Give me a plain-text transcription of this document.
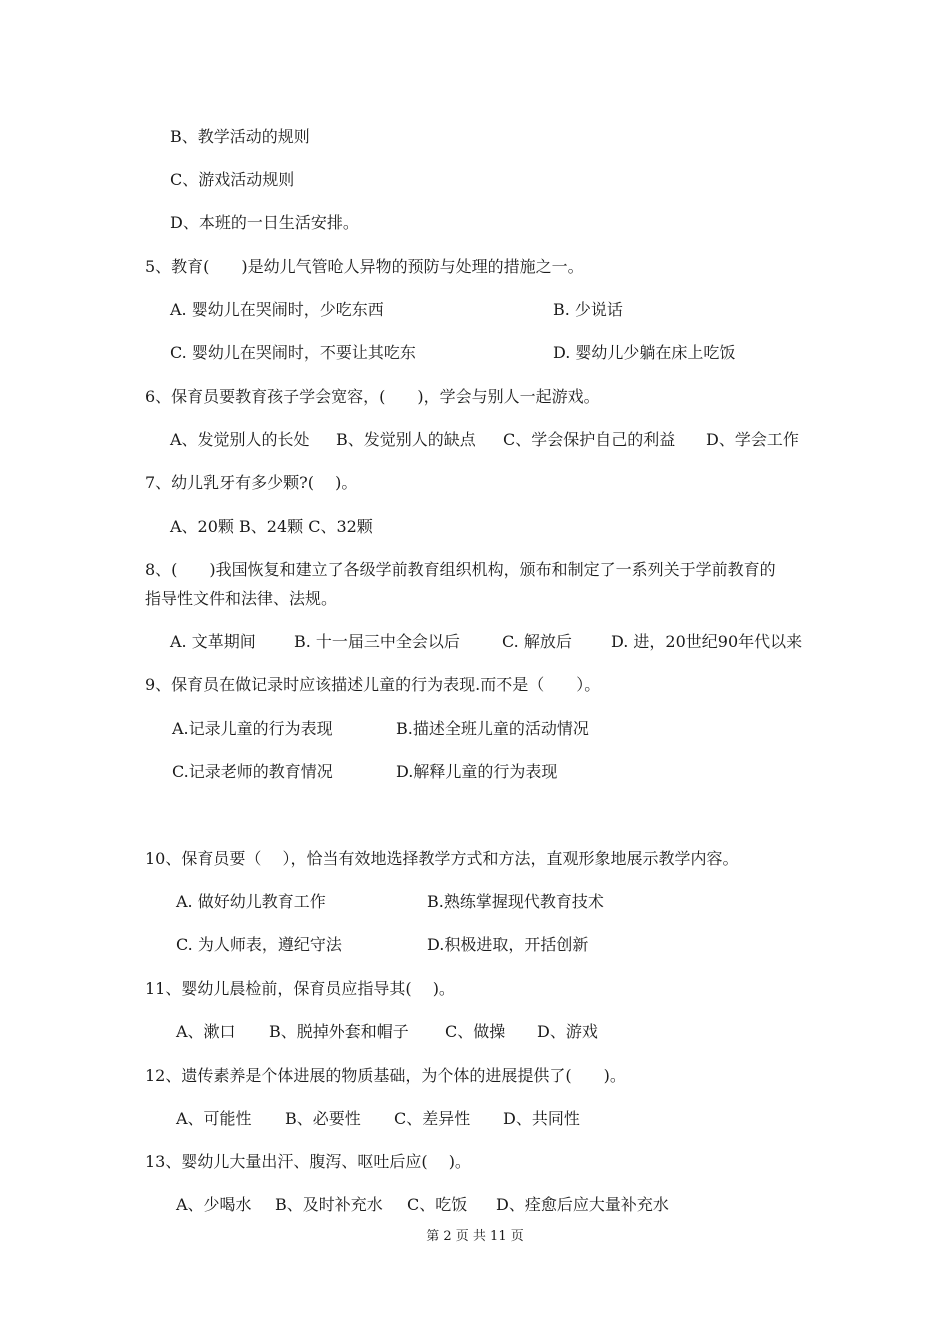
B、教学活动的规则
C、游戏活动规则
D、本班的一日生活安排。
5、教育(　　)是幼儿气管呛人异物的预防与处理的措施之一。
A. 婴幼儿在哭闹时，少吃东西	B. 少说话
C. 婴幼儿在哭闹时，不要让其吃东	D. 婴幼儿少躺在床上吃饭
6、保育员要教育孩子学会宽容，(　　)，学会与别人一起游戏。
A、发觉别人的长处 B、发觉别人的缺点 C、学会保护自己的利益 D、学会工作
7、幼儿乳牙有多少颗?(　 )。
A、20颗 B、24颗 C、32颗
8、(　　)我国恢复和建立了各级学前教育组织机构，颁布和制定了一系列关于学前教育的
指导性文件和法律、法规。
A. 文革期间 B. 十一届三中全会以后	C. 解放后 D. 进，20世纪90年代以来
9、保育员在做记录时应该描述儿童的行为表现.而不是（　　）。
A.记录儿童的行为表现	B.描述全班儿童的活动情况
C.记录老师的教育情况	D.解释儿童的行为表现
10、保育员要（　 ），恰当有效地选择教学方式和方法，直观形象地展示教学内容。
A. 做好幼儿教育工作	B.熟练掌握现代教育技术
C. 为人师表，遵纪守法	D.积极进取，开括创新
11、婴幼儿晨检前，保育员应指导其(　 )。
A、漱口 B、脱掉外套和帽子 C、做操 D、游戏
12、遗传素养是个体进展的物质基础，为个体的进展提供了(　　)。
A、可能性 B、必要性 C、差异性 D、共同性
13、婴幼儿大量出汗、腹泻、呕吐后应(　 )。
A、少喝水 B、及时补充水 C、吃饭 D、痊愈后应大量补充水
第 2 页 共 11 页
